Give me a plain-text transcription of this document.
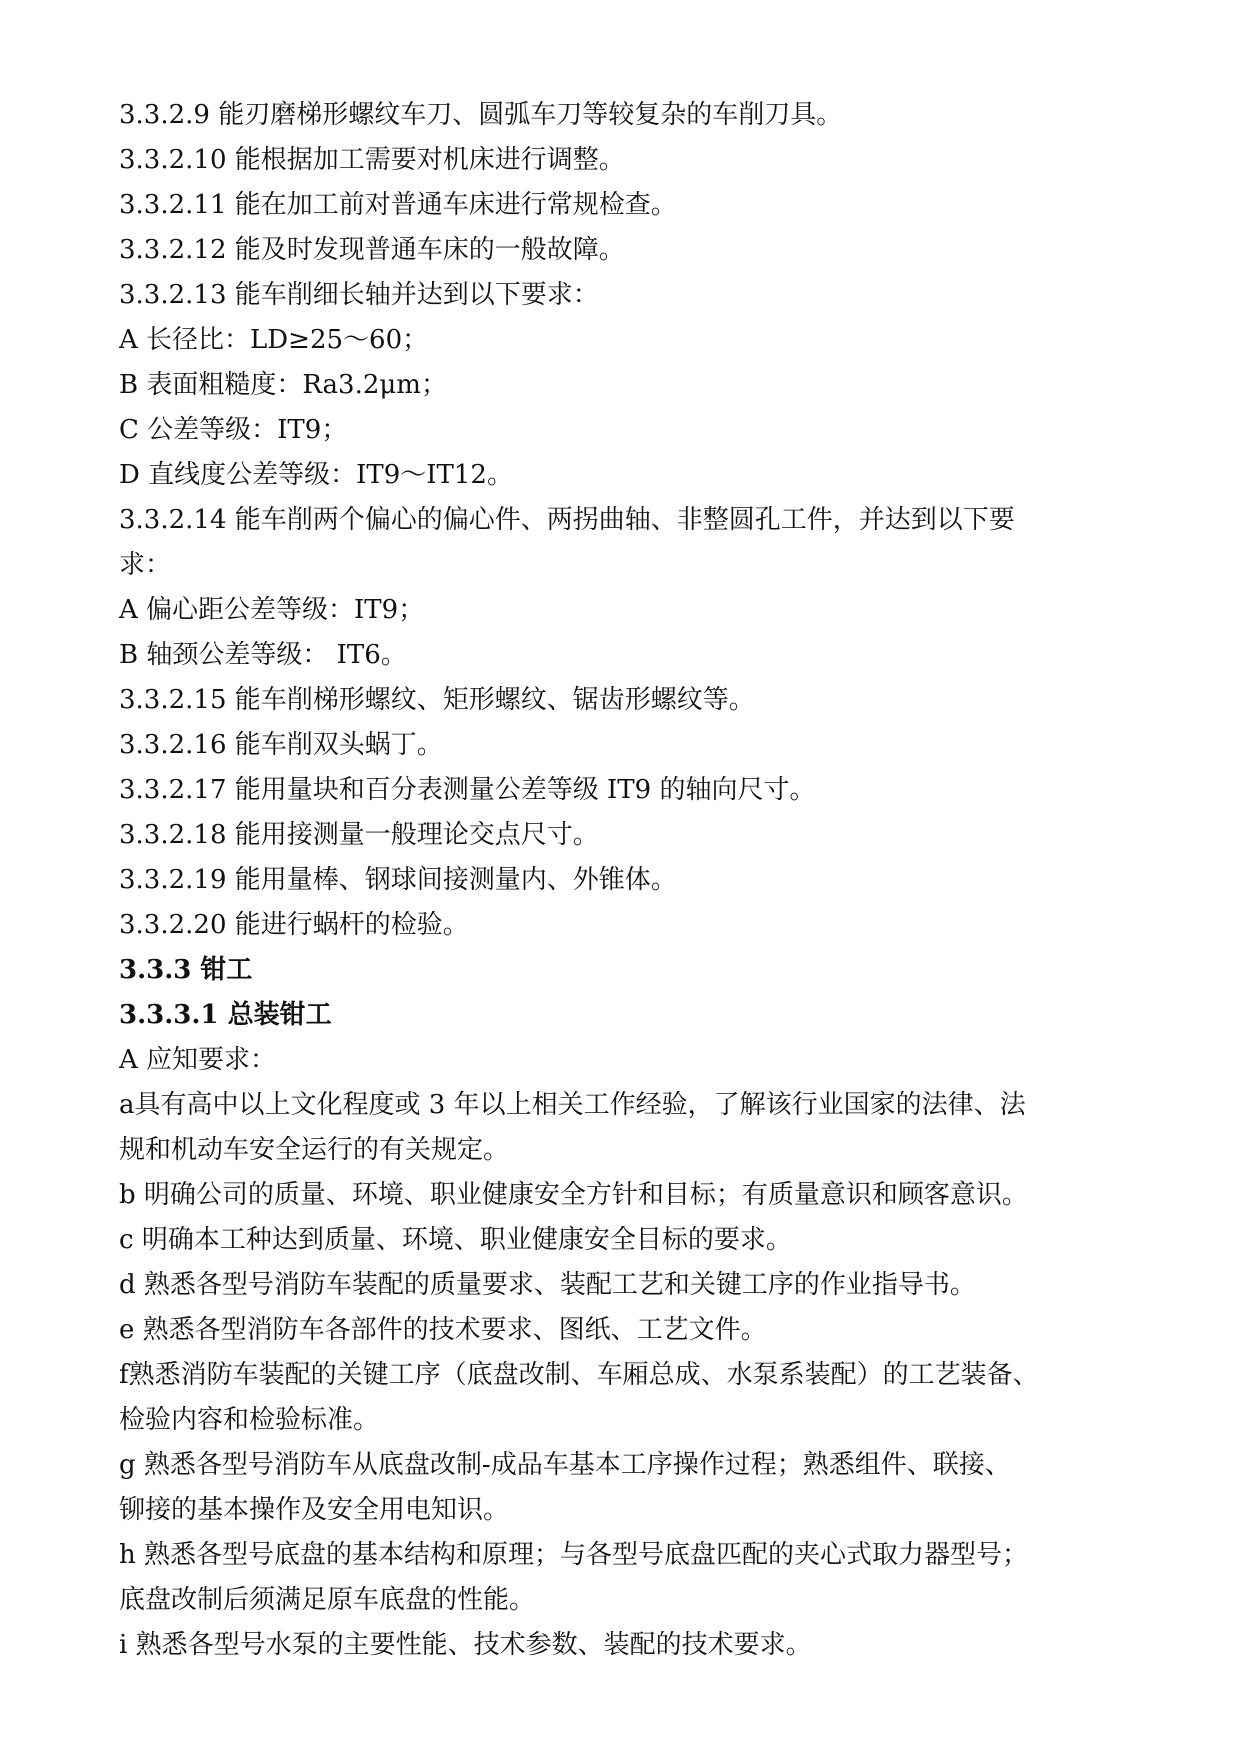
3.3.2.9 能刃磨梯形螺纹车刀、圆弧车刀等较复杂的车削刀具。

3.3.2.10 能根据加工需要对机床进行调整。

3.3.2.11 能在加工前对普通车床进行常规检查。

3.3.2.12 能及时发现普通车床的一般故障。

3.3.2.13 能车削细长轴并达到以下要求：

A 长径比：LD≥25～60；

B 表面粗糙度：Ra3.2μm；

C 公差等级：IT9；

D 直线度公差等级：IT9～IT12。

3.3.2.14 能车削两个偏心的偏心件、两拐曲轴、非整圆孔工件，并达到以下要

求：

A 偏心距公差等级：IT9；

B 轴颈公差等级： IT6。

3.3.2.15 能车削梯形螺纹、矩形螺纹、锯齿形螺纹等。

3.3.2.16 能车削双头蜗丁。

3.3.2.17 能用量块和百分表测量公差等级 IT9 的轴向尺寸。

3.3.2.18 能用接测量一般理论交点尺寸。

3.3.2.19 能用量棒、钢球间接测量内、外锥体。

3.3.2.20 能进行蜗杆的检验。

3.3.3 钳工

3.3.3.1 总装钳工

A 应知要求：

a具有高中以上文化程度或 3 年以上相关工作经验，了解该行业国家的法律、法

规和机动车安全运行的有关规定。

b 明确公司的质量、环境、职业健康安全方针和目标；有质量意识和顾客意识。

c 明确本工种达到质量、环境、职业健康安全目标的要求。

d 熟悉各型号消防车装配的质量要求、装配工艺和关键工序的作业指导书。

e 熟悉各型消防车各部件的技术要求、图纸、工艺文件。

f熟悉消防车装配的关键工序（底盘改制、车厢总成、水泵系装配）的工艺装备、

检验内容和检验标准。

g 熟悉各型号消防车从底盘改制-成品车基本工序操作过程；熟悉组件、联接、

铆接的基本操作及安全用电知识。

h 熟悉各型号底盘的基本结构和原理；与各型号底盘匹配的夹心式取力器型号；

底盘改制后须满足原车底盘的性能。

i 熟悉各型号水泵的主要性能、技术参数、装配的技术要求。
